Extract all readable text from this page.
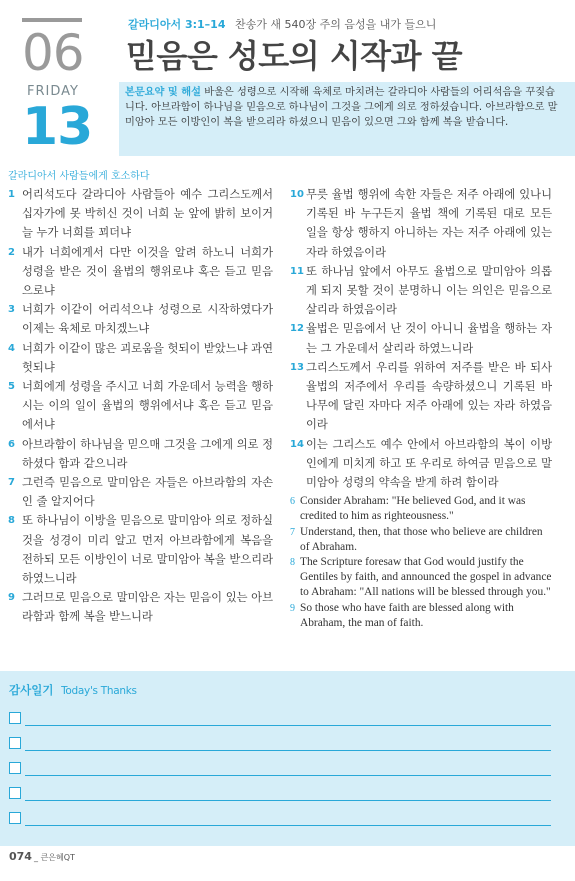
06
FRIDAY
13
갈라디아서 3:1–14 찬송가 새 540장 주의 음성을 내가 들으니
믿음은 성도의 시작과 끝
본문요약 및 해설 바울은 성령으로 시작해 육체로 마치려는 갈라디아 사람들의 어리석음을 꾸짖습니다. 아브라함이 하나님을 믿음으로 하나님이 그것을 그에게 의로 정하셨습니다. 아브라함으로 말미암아 모든 이방인이 복을 받으리라 하셨으니 믿음이 있으면 그와 함께 복을 받습니다.
갈라디아서 사람들에게 호소하다
1 어리석도다 갈라디아 사람들아 예수 그리스도께서 십자가에 못 박히신 것이 너희 눈 앞에 밝히 보이거늘 누가 너희를 꾀더냐
2 내가 너희에게서 다만 이것을 알려 하노니 너희가 성령을 받은 것이 율법의 행위로냐 혹은 듣고 믿음으로냐
3 너희가 이같이 어리석으냐 성령으로 시작하였다가 이제는 육체로 마치겠느냐
4 너희가 이같이 많은 괴로움을 헛되이 받았느냐 과연 헛되냐
5 너희에게 성령을 주시고 너희 가운데서 능력을 행하시는 이의 일이 율법의 행위에서냐 혹은 듣고 믿음에서냐
6 아브라함이 하나님을 믿으매 그것을 그에게 의로 정하셨다 함과 같으니라
7 그런즉 믿음으로 말미암은 자들은 아브라함의 자손인 줄 알지어다
8 또 하나님이 이방을 믿음으로 말미암아 의로 정하실 것을 성경이 미리 알고 먼저 아브라함에게 복음을 전하되 모든 이방인이 너로 말미암아 복을 받으리라 하였느니라
9 그러므로 믿음으로 말미암은 자는 믿음이 있는 아브라함과 함께 복을 받느니라
10 무릇 율법 행위에 속한 자들은 저주 아래에 있나니 기록된 바 누구든지 율법 책에 기록된 대로 모든 일을 항상 행하지 아니하는 자는 저주 아래에 있는 자라 하였음이라
11 또 하나님 앞에서 아무도 율법으로 말미암아 의롭게 되지 못할 것이 분명하니 이는 의인은 믿음으로 살리라 하였음이라
12 율법은 믿음에서 난 것이 아니니 율법을 행하는 자는 그 가운데서 살리라 하였느니라
13 그리스도께서 우리를 위하여 저주를 받은 바 되사 율법의 저주에서 우리를 속량하셨으니 기록된 바 나무에 달린 자마다 저주 아래에 있는 자라 하였음이라
14 이는 그리스도 예수 안에서 아브라함의 복이 이방인에게 미치게 하고 또 우리로 하여금 믿음으로 말미암아 성령의 약속을 받게 하려 함이라
6 Consider Abraham: "He believed God, and it was credited to him as righteousness."
7 Understand, then, that those who believe are children of Abraham.
8 The Scripture foresaw that God would justify the Gentiles by faith, and announced the gospel in advance to Abraham: "All nations will be blessed through you."
9 So those who have faith are blessed along with Abraham, the man of faith.
감사일기 Today's Thanks
074 _ 큰은혜QT
